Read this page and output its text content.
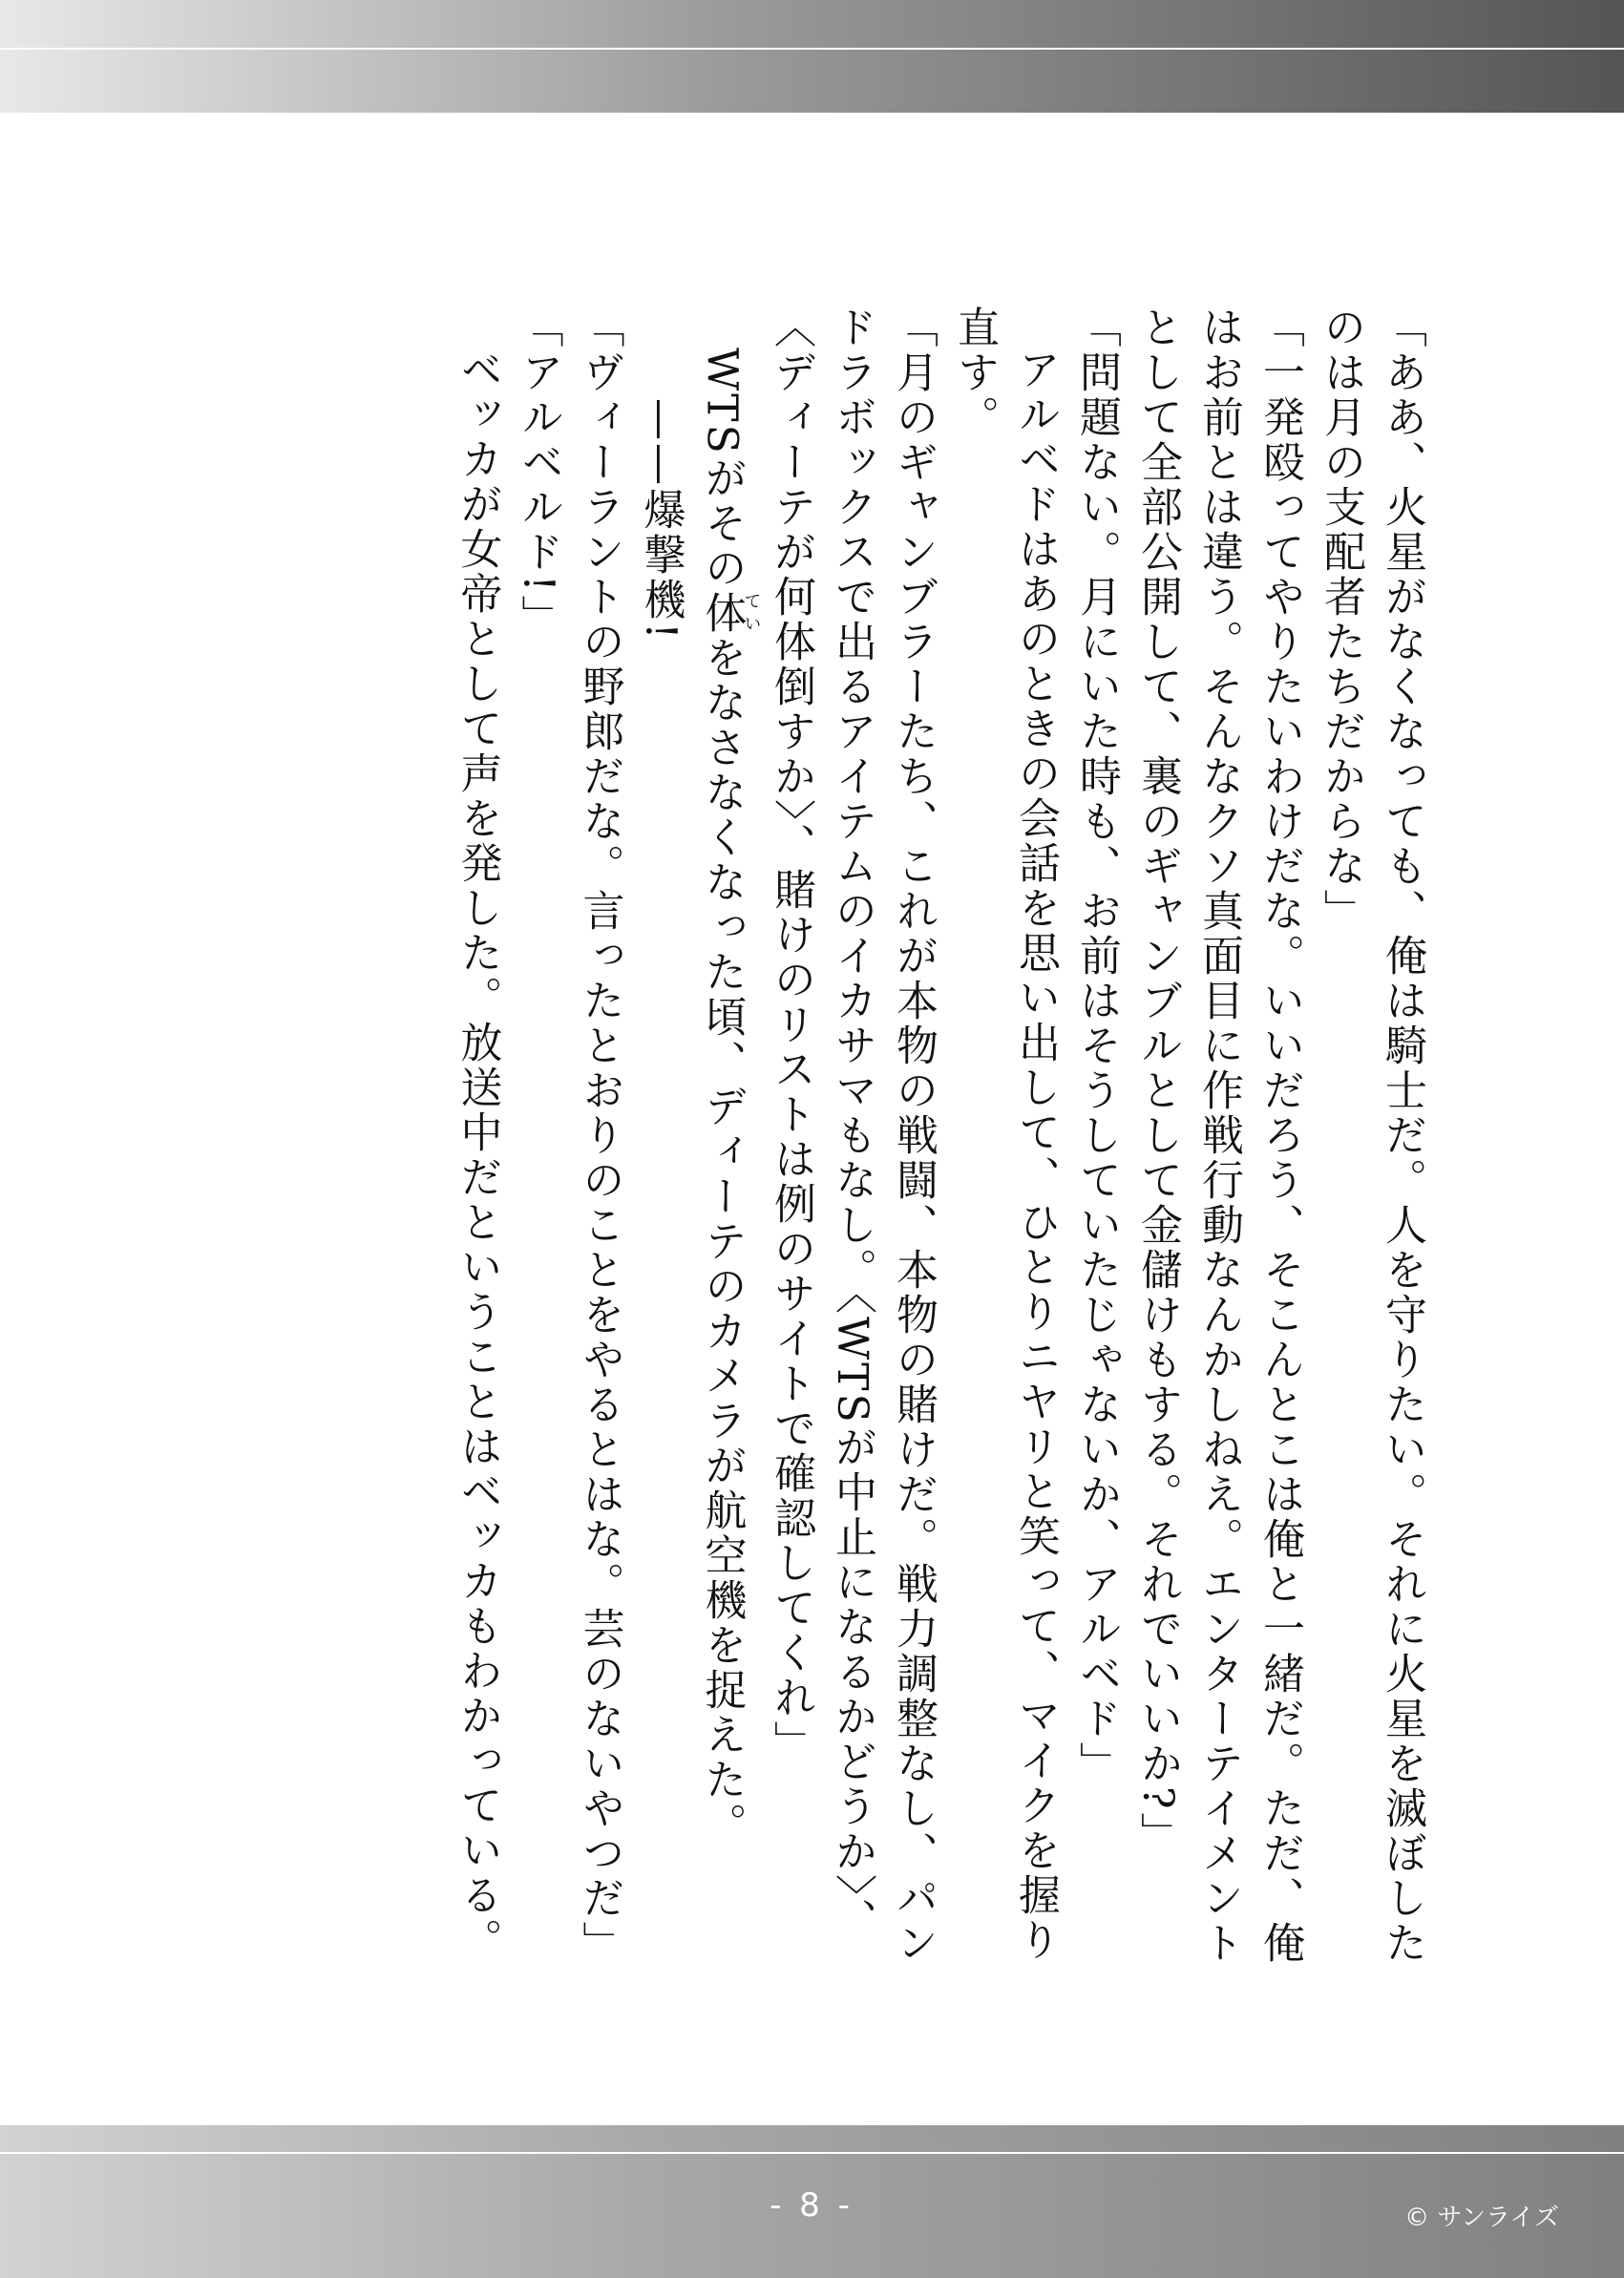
「ああ、火星がなくなっても、俺は騎士だ。人を守りたい。それに火星を滅ぼしたのは月の支配者たちだからな」

「一発殴ってやりたいわけだな。いいだろう、そこんとこは俺と一緒だ。ただ、俺はお前とは違う。そんなクソ真面目に作戦行動なんかしねえ。エンターテイメントとして全部公開して、裏のギャンブルとして金儲けもする。それでいいか?」

「問題ない。月にいた時も、お前はそうしていたじゃないか、アルベド」

アルベドはあのときの会話を思い出して、ひとりニヤリと笑って、マイクを握り直す。

「月のギャンブラーたち、これが本物の戦闘、本物の賭けだ。戦力調整なし、パンドラボックスで出るアイテムのイカサマもなし。〈WTSが中止になるかどうか〉、〈ディーテが何体倒すか〉、賭けのリストは例のサイトで確認してくれ」

WTSがその体ていをなさなくなった頃、ディーテのカメラが航空機を捉えた。

——爆撃機!

「ヴィーラントの野郎だな。言ったとおりのことをやるとはな。芸のないやつだ」

「アルベルド!」

ベッカが女帝として声を発した。放送中だということはベッカもわかっている。

- 8 -	© サンライズ
